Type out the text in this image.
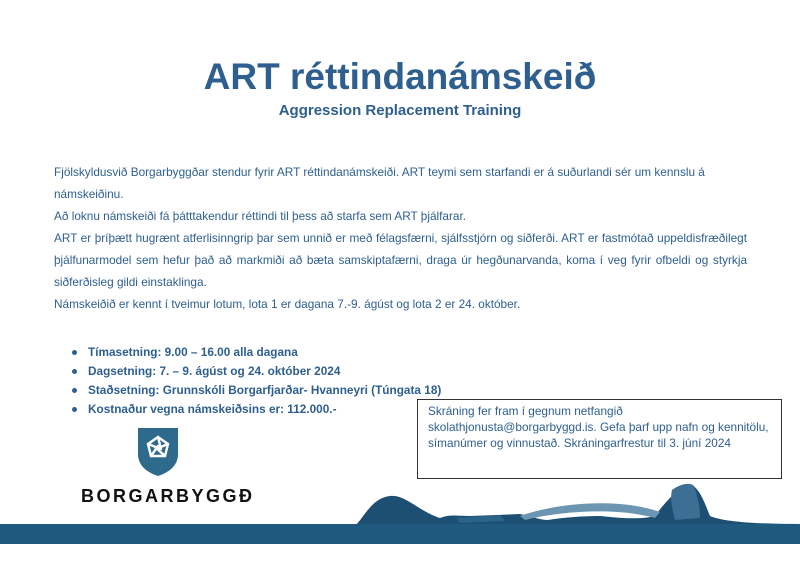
ART réttindanámskeið
Aggression Replacement Training

Fjölskyldusvið Borgarbyggðar stendur fyrir ART réttindanámskeiði. ART teymi sem starfandi er á suðurlandi sér um kennslu á námskeiðinu.

Að loknu námskeiði fá þátttakendur réttindi til þess að starfa sem ART þjálfarar.

ART er þríþætt hugrænt atferlisinngrip þar sem unnið er með félagsfærni, sjálfsstjórn og siðferði. ART er fastmótað uppeldisfræðilegt þjálfunarmodel sem hefur það að markmiði að bæta samskiptafærni, draga úr hegðunarvanda, koma í veg fyrir ofbeldi og styrkja siðferðisleg gildi einstaklinga.

Námskeiðið er kennt í tveimur lotum, lota 1 er dagana 7.-9. ágúst og lota 2 er 24. október.

Tímasetning: 9.00 – 16.00 alla dagana
Dagsetning: 7. – 9. ágúst og 24. október 2024
Staðsetning: Grunnskóli Borgarfjarðar- Hvanneyri (Túngata 18)
Kostnaður vegna námskeiðsins er: 112.000.-	Skráning fer fram í gegnum netfangið skolathjonusta@borgarbyggd.is. Gefa þarf upp nafn og kennitölu, símanúmer og vinnustað. Skráningarfrestur til 3. júní 2024
BORGARBYGGÐ
